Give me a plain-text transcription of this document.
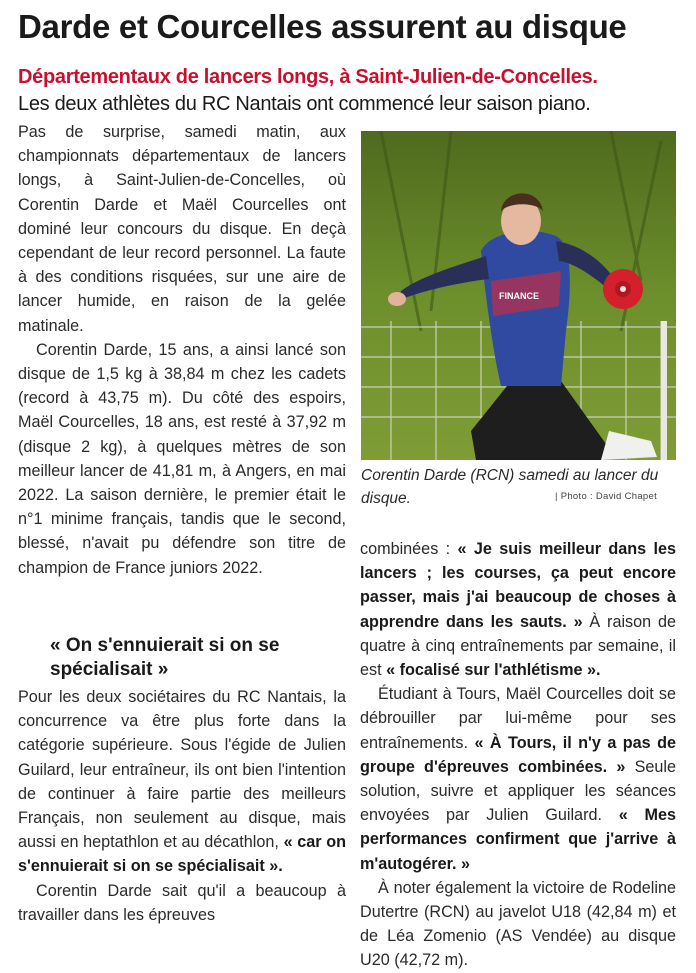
Darde et Courcelles assurent au disque
Départementaux de lancers longs, à Saint-Julien-de-Concelles.
Les deux athlètes du RC Nantais ont commencé leur saison piano.

Pas de surprise, samedi matin, aux championnats départementaux de lancers longs, à Saint-Julien-de-Concelles, où Corentin Darde et Maël Courcelles ont dominé leur concours du disque. En deçà cependant de leur record personnel. La faute à des conditions risquées, sur une aire de lancer humide, en raison de la gelée matinale.

Corentin Darde, 15 ans, a ainsi lancé son disque de 1,5 kg à 38,84 m chez les cadets (record à 43,75 m). Du côté des espoirs, Maël Courcelles, 18 ans, est resté à 37,92 m (disque 2 kg), à quelques mètres de son meilleur lancer de 41,81 m, à Angers, en mai 2022. La saison dernière, le premier était le n°1 minime français, tandis que le second, blessé, n'avait pu défendre son titre de champion de France juniors 2022.

« On s'ennuierait si on se spécialisait »

Pour les deux sociétaires du RC Nantais, la concurrence va être plus forte dans la catégorie supérieure. Sous l'égide de Julien Guilard, leur entraîneur, ils ont bien l'intention de continuer à faire partie des meilleurs Français, non seulement au disque, mais aussi en heptathlon et au décathlon, « car on s'ennuierait si on se spécialisait ».

Corentin Darde sait qu'il a beaucoup à travailler dans les épreuves

FINANCE
Corentin Darde (RCN) samedi au lancer du disque.	| Photo : David Chapet

combinées : « Je suis meilleur dans les lancers ; les courses, ça peut encore passer, mais j'ai beaucoup de choses à apprendre dans les sauts. » À raison de quatre à cinq entraînements par semaine, il est « focalisé sur l'athlétisme ».

Étudiant à Tours, Maël Courcelles doit se débrouiller par lui-même pour ses entraînements. « À Tours, il n'y a pas de groupe d'épreuves combinées. » Seule solution, suivre et appliquer les séances envoyées par Julien Guilard. « Mes performances confirment que j'arrive à m'autogérer. »

À noter également la victoire de Rodeline Dutertre (RCN) au javelot U18 (42,84 m) et de Léa Zomenio (AS Vendée) au disque U20 (42,72 m).
